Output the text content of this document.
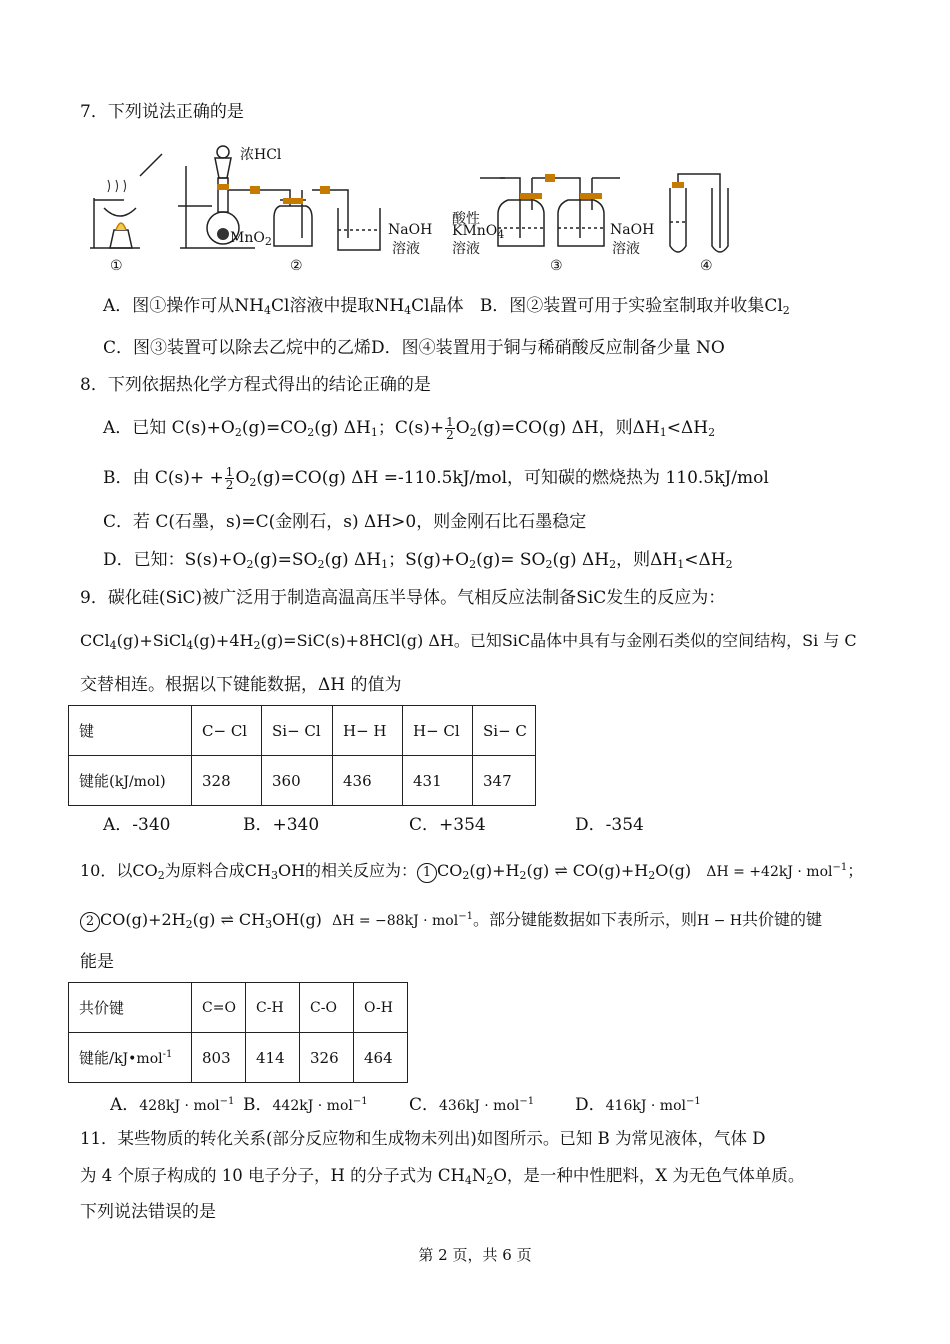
7．下列说法正确的是
浓HCl
MnO$_2$
NaOH
溶液
酸性
KMnO$_4$
溶液
NaOH
溶液
①	②	③	④
A．图①操作可从$NH_4Cl$溶液中提取$NH_4Cl$晶体 B．图②装置可用于实验室制取并收集$Cl_2$
C．图③装置可以除去乙烷中的乙烯D．图④装置用于铜与稀硝酸反应制备少量 NO
8．下列依据热化学方程式得出的结论正确的是
A．已知 $C(s)+O_2(g)=CO_2(g)$ $\Delta H_1$；$C(s)+ \frac{1}{2} O_2(g)=CO(g)$ ΔH，则$\Delta H_1<\Delta H_2$
B．由 $C(s)+ + \frac{1}{2} O_2(g)=CO(g)$ ΔH =-110.5kJ/mol，可知碳的燃烧热为 110.5kJ/mol
C．若 C(石墨，s)=C(金刚石，s) ΔH>0，则金刚石比石墨稳定
D．已知：$S(s)+O_2(g)=SO_2(g)$ $\Delta H_1$；$S(g)+O_2(g)= SO_2(g)$ $\Delta H_2$，则$\Delta H_1<\Delta H_2$
9．碳化硅(SiC)被广泛用于制造高温高压半导体。气相反应法制备SiC发生的反应为：
$CCl_4(g)+SiCl_4(g)+4H_2(g)=SiC(s)+8HCl(g)$ ΔH。已知SiC晶体中具有与金刚石类似的空间结构，Si 与 C
交替相连。根据以下键能数据，ΔH 的值为
键	C− Cl	Si− Cl	H− H	H− Cl	Si− C
键能(kJ/mol)	328	360	436	431	347
A．-340	B．+340	C．+354	D．-354
10．以$CO_2$为原料合成$CH_3OH$的相关反应为： 1 $CO_2(g)+H_2(g)$ ⇌ $CO(g)+H_2O(g) \Delta H = +42kJ \cdot mol^{-1}$；
2 $CO(g)+2H_2(g)$ ⇌ $CH_3OH(g) \Delta H = -88kJ \cdot mol^{-1}$。部分键能数据如下表所示，则H − H共价键的键
能是
共价键	C=O	C-H	C-O	O-H
键能/kJ•mol$^{-1}$	803	414	326	464
A．428kJ · mol$^{-1}$ B．442kJ · mol$^{-1}$ C．436kJ · mol$^{-1}$ D．416kJ · mol$^{-1}$
11．某些物质的转化关系(部分反应物和生成物未列出)如图所示。已知 B 为常见液体，气体 D
为 4 个原子构成的 10 电子分子，H 的分子式为 $CH_4N_2O$，是一种中性肥料，X 为无色气体单质。
下列说法错误的是
第 2 页，共 6 页
